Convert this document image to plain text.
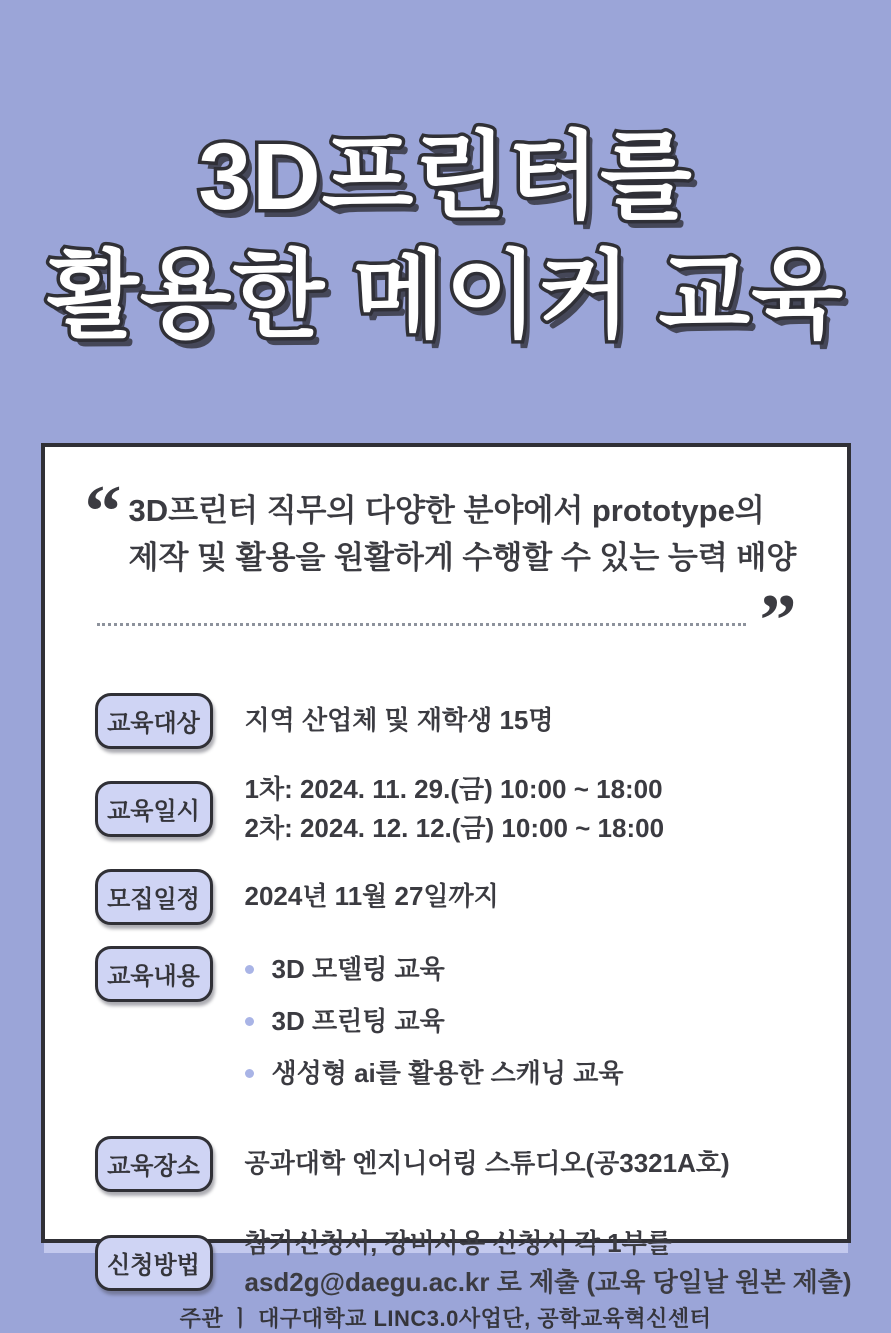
3D프린터를
활용한 메이커 교육
“ 3D프린터 직무의 다양한 분야에서 prototype의
제작 및 활용을 원활하게 수행할 수 있는 능력 배양
”
교육대상	지역 산업체 및 재학생 15명
교육일시
1차: 2024. 11. 29.(금) 10:00 ~ 18:00
2차: 2024. 12. 12.(금) 10:00 ~ 18:00
모집일정	2024년 11월 27일까지
교육내용	3D 모델링 교육
3D 프린팅 교육
생성형 ai를 활용한 스캐닝 교육
교육장소	공과대학 엔지니어링 스튜디오(공3321A호)
신청방법
참가신청서, 장비사용 신청서 각 1부를
asd2g@daegu.ac.kr 로 제출 (교육 당일날 원본 제출)
주관 ㅣ 대구대학교 LINC3.0사업단, 공학교육혁신센터
